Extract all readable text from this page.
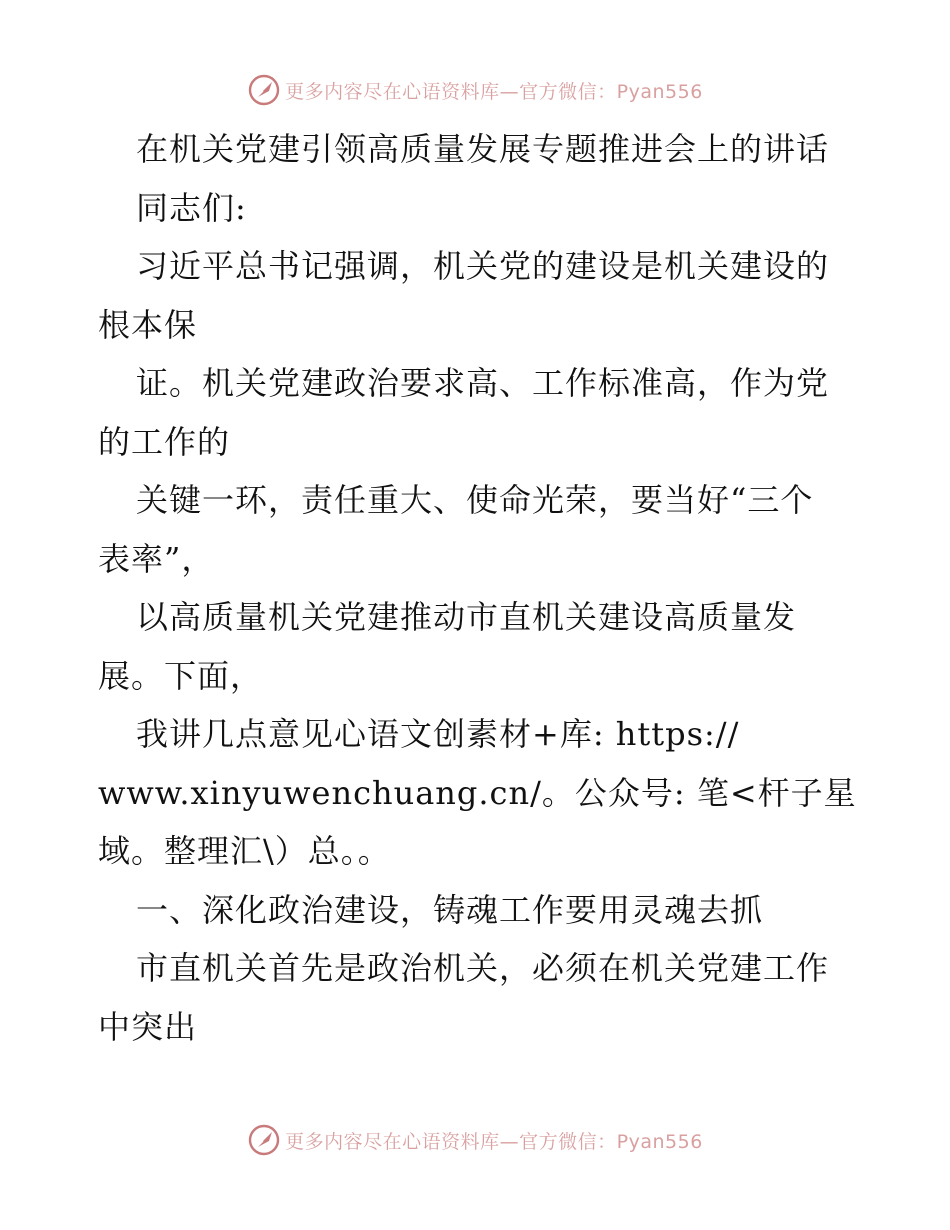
更多内容尽在心语资料库—官方微信：Pyan556
在机关党建引领高质量发展专题推进会上的讲话
同志们:
习近平总书记强调，机关党的建设是机关建设的
根本保
证。机关党建政治要求高、工作标准高，作为党
的工作的
关键一环，责任重大、使命光荣，要当好“三个
表率”，
以高质量机关党建推动市直机关建设高质量发
展。下面，
我讲几点意见心语文创素材+库: https://
www.xinyuwenchuang.cn/。公众号: 笔<杆子星
域。整理汇\）总。。
一、深化政治建设，铸魂工作要用灵魂去抓
市直机关首先是政治机关，必须在机关党建工作
中突出
更多内容尽在心语资料库—官方微信：Pyan556
